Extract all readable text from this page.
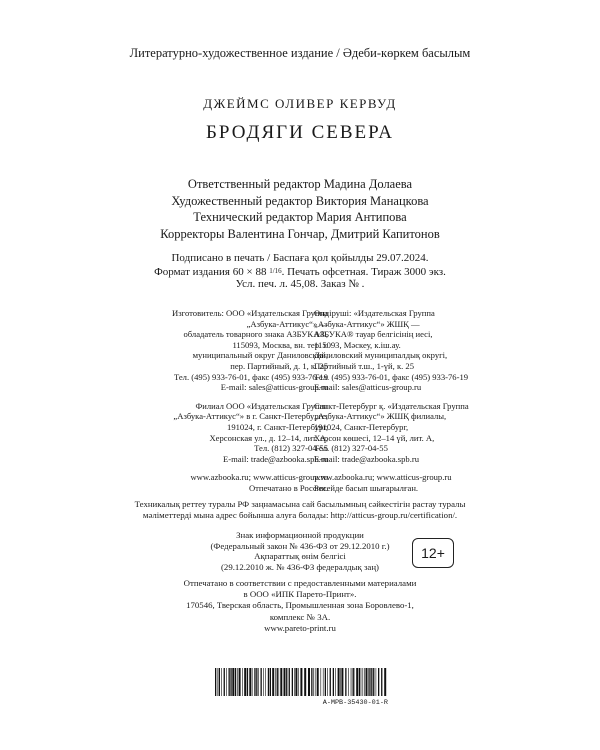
Литературно-художественное издание / Әдеби-көркем басылым
ДЖЕЙМС ОЛИВЕР КЕРВУД
БРОДЯГИ СЕВЕРА
Ответственный редактор Мадина Долаева
Художественный редактор Виктория Манацкова
Технический редактор Мария Антипова
Корректоры Валентина Гончар, Дмитрий Капитонов
Подписано в печать / Баспаға қол қойылды 29.07.2024.
Формат издания 60 × 88 1/16. Печать офсетная. Тираж 3000 экз.
Усл. печ. л. 45,08. Заказ № .
Изготовитель: ООО «Издательская Группа
„Азбука-Аттикус“» —
обладатель товарного знака АЗБУКА®,
115093, Москва, вн. тер. г.
муниципальный округ Даниловский,
пер. Партийный, д. 1, к. 25
Тел. (495) 933-76-01, факс (495) 933-76-19
E-mail: sales@atticus-group.ru
Филиал ООО «Издательская Группа
„Азбука-Аттикус“» в г. Санкт-Петербурге,
191024, г. Санкт-Петербург,
Херсонская ул., д. 12–14, лит. А,
Тел. (812) 327-04-55
E-mail: trade@azbooka.spb.ru
www.azbooka.ru; www.atticus-group.ru
Отпечатано в России.
Өндіруші: «Издательская Группа
„Азбука-Аттикус“» ЖШҚ —
АЗБУКА® тауар белгісінің иесі,
115093, Мәскеу, к.іш.ау.
Даниловский муниципалдық округі,
Партийный т.ш., 1-үй, к. 25
Тел. (495) 933-76-01, факс (495) 933-76-19
E-mail: sales@atticus-group.ru
Санкт-Петербург қ. «Издательская Группа
„Азбука-Аттикус“» ЖШҚ филиалы,
191024, Санкт-Петербург,
Херсон көшесі, 12–14 үй, лит. А,
Тел. (812) 327-04-55
E-mail: trade@azbooka.spb.ru
www.azbooka.ru; www.atticus-group.ru
Ресейде басып шығарылған.
Техникалық реттеу туралы РФ заңнамасына сай басылымның сәйкестігін растау туралы
мәліметтерді мына адрес бойынша алуға болады: http://atticus-group.ru/certification/.
Знак информационной продукции
(Федеральный закон № 436-ФЗ от 29.12.2010 г.)
Ақпараттық өнім белгісі
(29.12.2010 ж. № 436-ФЗ федералдық заң)
12+
Отпечатано в соответствии с предоставленными материалами
в ООО «ИПК Парето-Принт».
170546, Тверская область, Промышленная зона Боровлево-1,
комплекс № 3А.
www.pareto-print.ru
A-MPB-35430-01-R
